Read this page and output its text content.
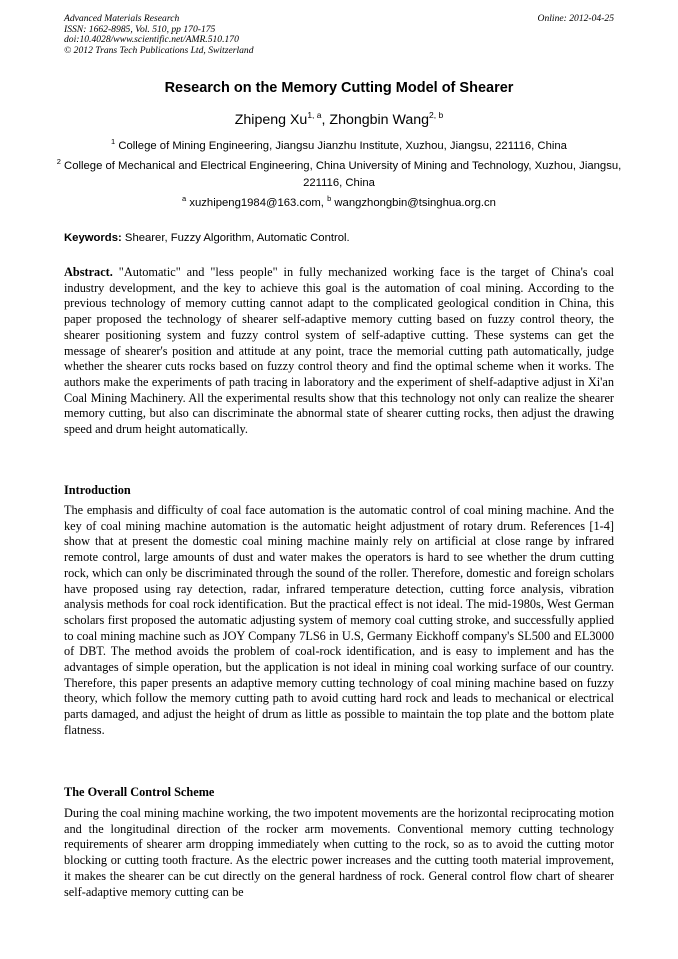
Advanced Materials Research
ISSN: 1662-8985, Vol. 510, pp 170-175
doi:10.4028/www.scientific.net/AMR.510.170
© 2012 Trans Tech Publications Ltd, Switzerland
Online: 2012-04-25
Research on the Memory Cutting Model of Shearer
Zhipeng Xu$^{1, a}$, Zhongbin Wang$^{2, b}$
$^1$ College of Mining Engineering, Jiangsu Jianzhu Institute, Xuzhou, Jiangsu, 221116, China
$^2$ College of Mechanical and Electrical Engineering, China University of Mining and Technology, Xuzhou, Jiangsu, 221116, China
$^a$ xuzhipeng1984@163.com, $^b$ wangzhongbin@tsinghua.org.cn
Keywords: Shearer, Fuzzy Algorithm, Automatic Control.
Abstract. "Automatic" and "less people" in fully mechanized working face is the target of China's coal industry development, and the key to achieve this goal is the automation of coal mining. According to the previous technology of memory cutting cannot adapt to the complicated geological condition in China, this paper proposed the technology of shearer self-adaptive memory cutting based on fuzzy control theory, the shearer positioning system and fuzzy control system of self-adaptive cutting. These systems can get the message of shearer's position and attitude at any point, trace the memorial cutting path automatically, judge whether the shearer cuts rocks based on fuzzy control theory and find the optimal scheme when it works. The authors make the experiments of path tracing in laboratory and the experiment of shelf-adaptive adjust in Xi'an Coal Mining Machinery. All the experimental results show that this technology not only can realize the shearer memory cutting, but also can discriminate the abnormal state of shearer cutting rocks, then adjust the drawing speed and drum height automatically.
Introduction
The emphasis and difficulty of coal face automation is the automatic control of coal mining machine. And the key of coal mining machine automation is the automatic height adjustment of rotary drum. References [1-4] show that at present the domestic coal mining machine mainly rely on artificial at close range by infrared remote control, large amounts of dust and water makes the operators is hard to see whether the drum cutting rock, which can only be discriminated through the sound of the roller. Therefore, domestic and foreign scholars have proposed using ray detection, radar, infrared temperature detection, cutting force analysis, vibration analysis methods for coal rock identification. But the practical effect is not ideal. The mid-1980s, West German scholars first proposed the automatic adjusting system of memory coal cutting stroke, and successfully applied to coal mining machine such as JOY Company 7LS6 in U.S, Germany Eickhoff company's SL500 and EL3000 of DBT. The method avoids the problem of coal-rock identification, and is easy to implement and has the advantages of simple operation, but the application is not ideal in mining coal working surface of our country. Therefore, this paper presents an adaptive memory cutting technology of coal mining machine based on fuzzy theory, which follow the memory cutting path to avoid cutting hard rock and leads to mechanical or electrical parts damaged, and adjust the height of drum as little as possible to maintain the top plate and the bottom plate flatness.
The Overall Control Scheme
During the coal mining machine working, the two impotent movements are the horizontal reciprocating motion and the longitudinal direction of the rocker arm movements. Conventional memory cutting technology requirements of shearer arm dropping immediately when cutting to the rock, so as to avoid the cutting motor blocking or cutting tooth fracture. As the electric power increases and the cutting tooth material improvement, it makes the shearer can be cut directly on the general hardness of rock. General control flow chart of shearer self-adaptive memory cutting can be
